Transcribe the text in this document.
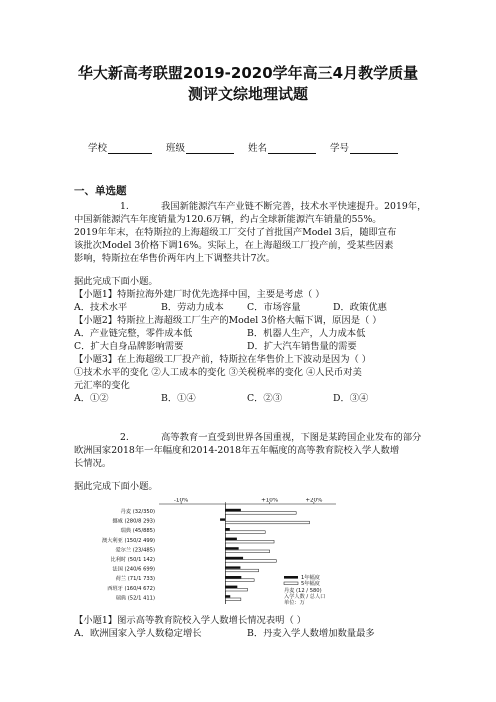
华大新高考联盟2019-2020学年高三4月教学质量
测评文综地理试题
学校	班级	姓名	学号
一、单选题
1.	我国新能源汽车产业链不断完善，技术水平快速提升。2019年，
中国新能源汽车年度销量为120.6万辆，约占全球新能源汽车销量的55%。
2019年年末，在特斯拉的上海超级工厂交付了首批国产Model 3后，随即宣布
该批次Model 3价格下调16%。实际上，在上海超级工厂投产前，受某些因素
影响，特斯拉在华售价两年内上下调整共计7次。
据此完成下面小题。
【小题1】特斯拉海外建厂时优先选择中国，主要是考虑（ ）
A．技术水平	B．劳动力成本	C．市场容量	D．政策优惠
【小题2】特斯拉上海超级工厂生产的Model 3价格大幅下调，原因是（ ）
A．产业链完整，零件成本低	B．机器人生产，人力成本低
C．扩大自身品牌影响需要	D．扩大汽车销售量的需要
【小题3】在上海超级工厂投产前，特斯拉在华售价上下波动是因为（ ）
①技术水平的变化 ②人工成本的变化 ③关税税率的变化 ④人民币对美
元汇率的变化
A．①②	B．①④	C．②③	D．③④
2.	高等教育一直受到世界各国重视，下图是某跨国企业发布的部分
欧洲国家2018年一年幅度和2014-2018年五年幅度的高等教育院校入学人数增
长情况。
据此完成下面小题。
-10%	+10%	+20%
丹麦 (32/350)
挪威 (280/8 293)
瑞典 (45/885)
澳大利亚 (150/2 499)
爱尔兰 (23/485)
比利时 (50/1 142)
法国 (240/6 699)
荷兰 (71/1 733)
西班牙 (160/4 672)
瑞典 (52/1 411)
1年幅度
5年幅度
丹麦 (12 / 580)
入学人数 / 总人口
单位：万
【小题1】图示高等教育院校入学人数增长情况表明（ ）
A．欧洲国家入学人数稳定增长	B．丹麦入学人数增加数量最多
